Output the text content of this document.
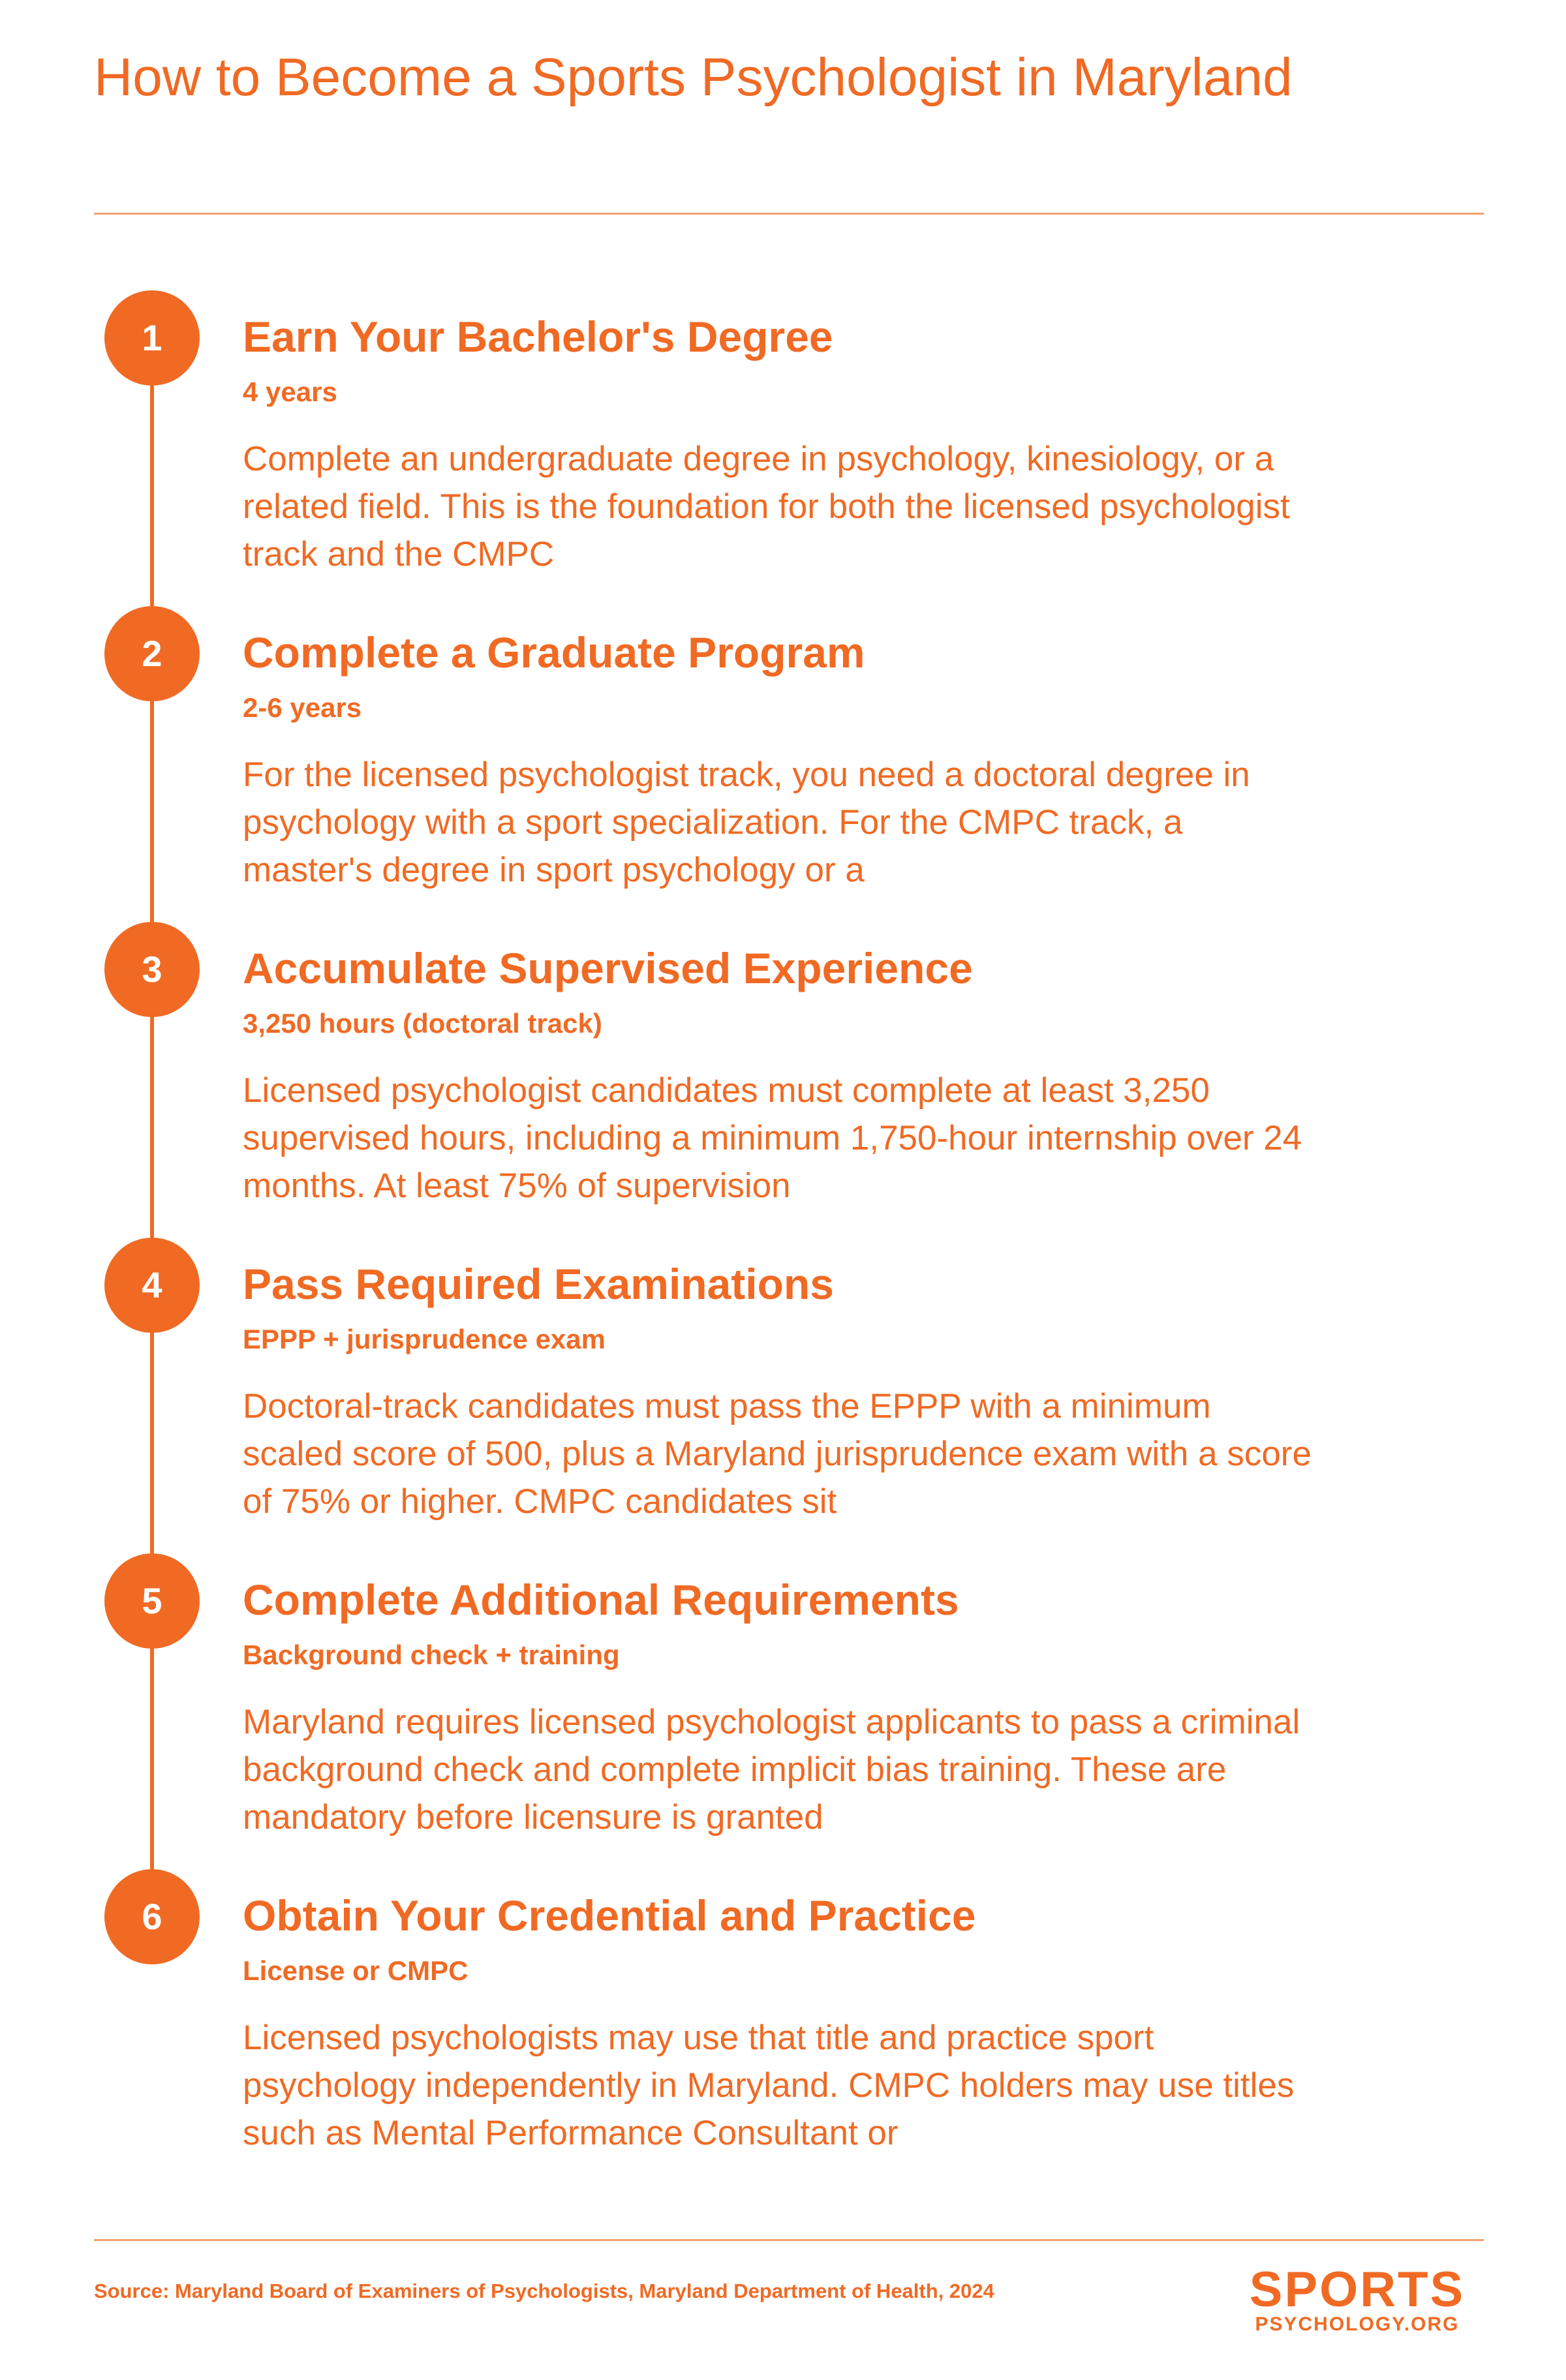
How to Become a Sports Psychologist in Maryland
1	Earn Your Bachelor's Degree
4 years
Complete an undergraduate degree in psychology, kinesiology, or a related field. This is the foundation for both the licensed psychologist track and the CMPC
2	Complete a Graduate Program
2-6 years
For the licensed psychologist track, you need a doctoral degree in psychology with a sport specialization. For the CMPC track, a master's degree in sport psychology or a
3	Accumulate Supervised Experience
3,250 hours (doctoral track)
Licensed psychologist candidates must complete at least 3,250 supervised hours, including a minimum 1,750-hour internship over 24 months. At least 75% of supervision
4	Pass Required Examinations
EPPP + jurisprudence exam
Doctoral-track candidates must pass the EPPP with a minimum scaled score of 500, plus a Maryland jurisprudence exam with a score of 75% or higher. CMPC candidates sit
5	Complete Additional Requirements
Background check + training
Maryland requires licensed psychologist applicants to pass a criminal background check and complete implicit bias training. These are mandatory before licensure is granted
6	Obtain Your Credential and Practice
License or CMPC
Licensed psychologists may use that title and practice sport psychology independently in Maryland. CMPC holders may use titles such as Mental Performance Consultant or
Source: Maryland Board of Examiners of Psychologists, Maryland Department of Health, 2024	SPORTS
PSYCHOLOGY.ORG
